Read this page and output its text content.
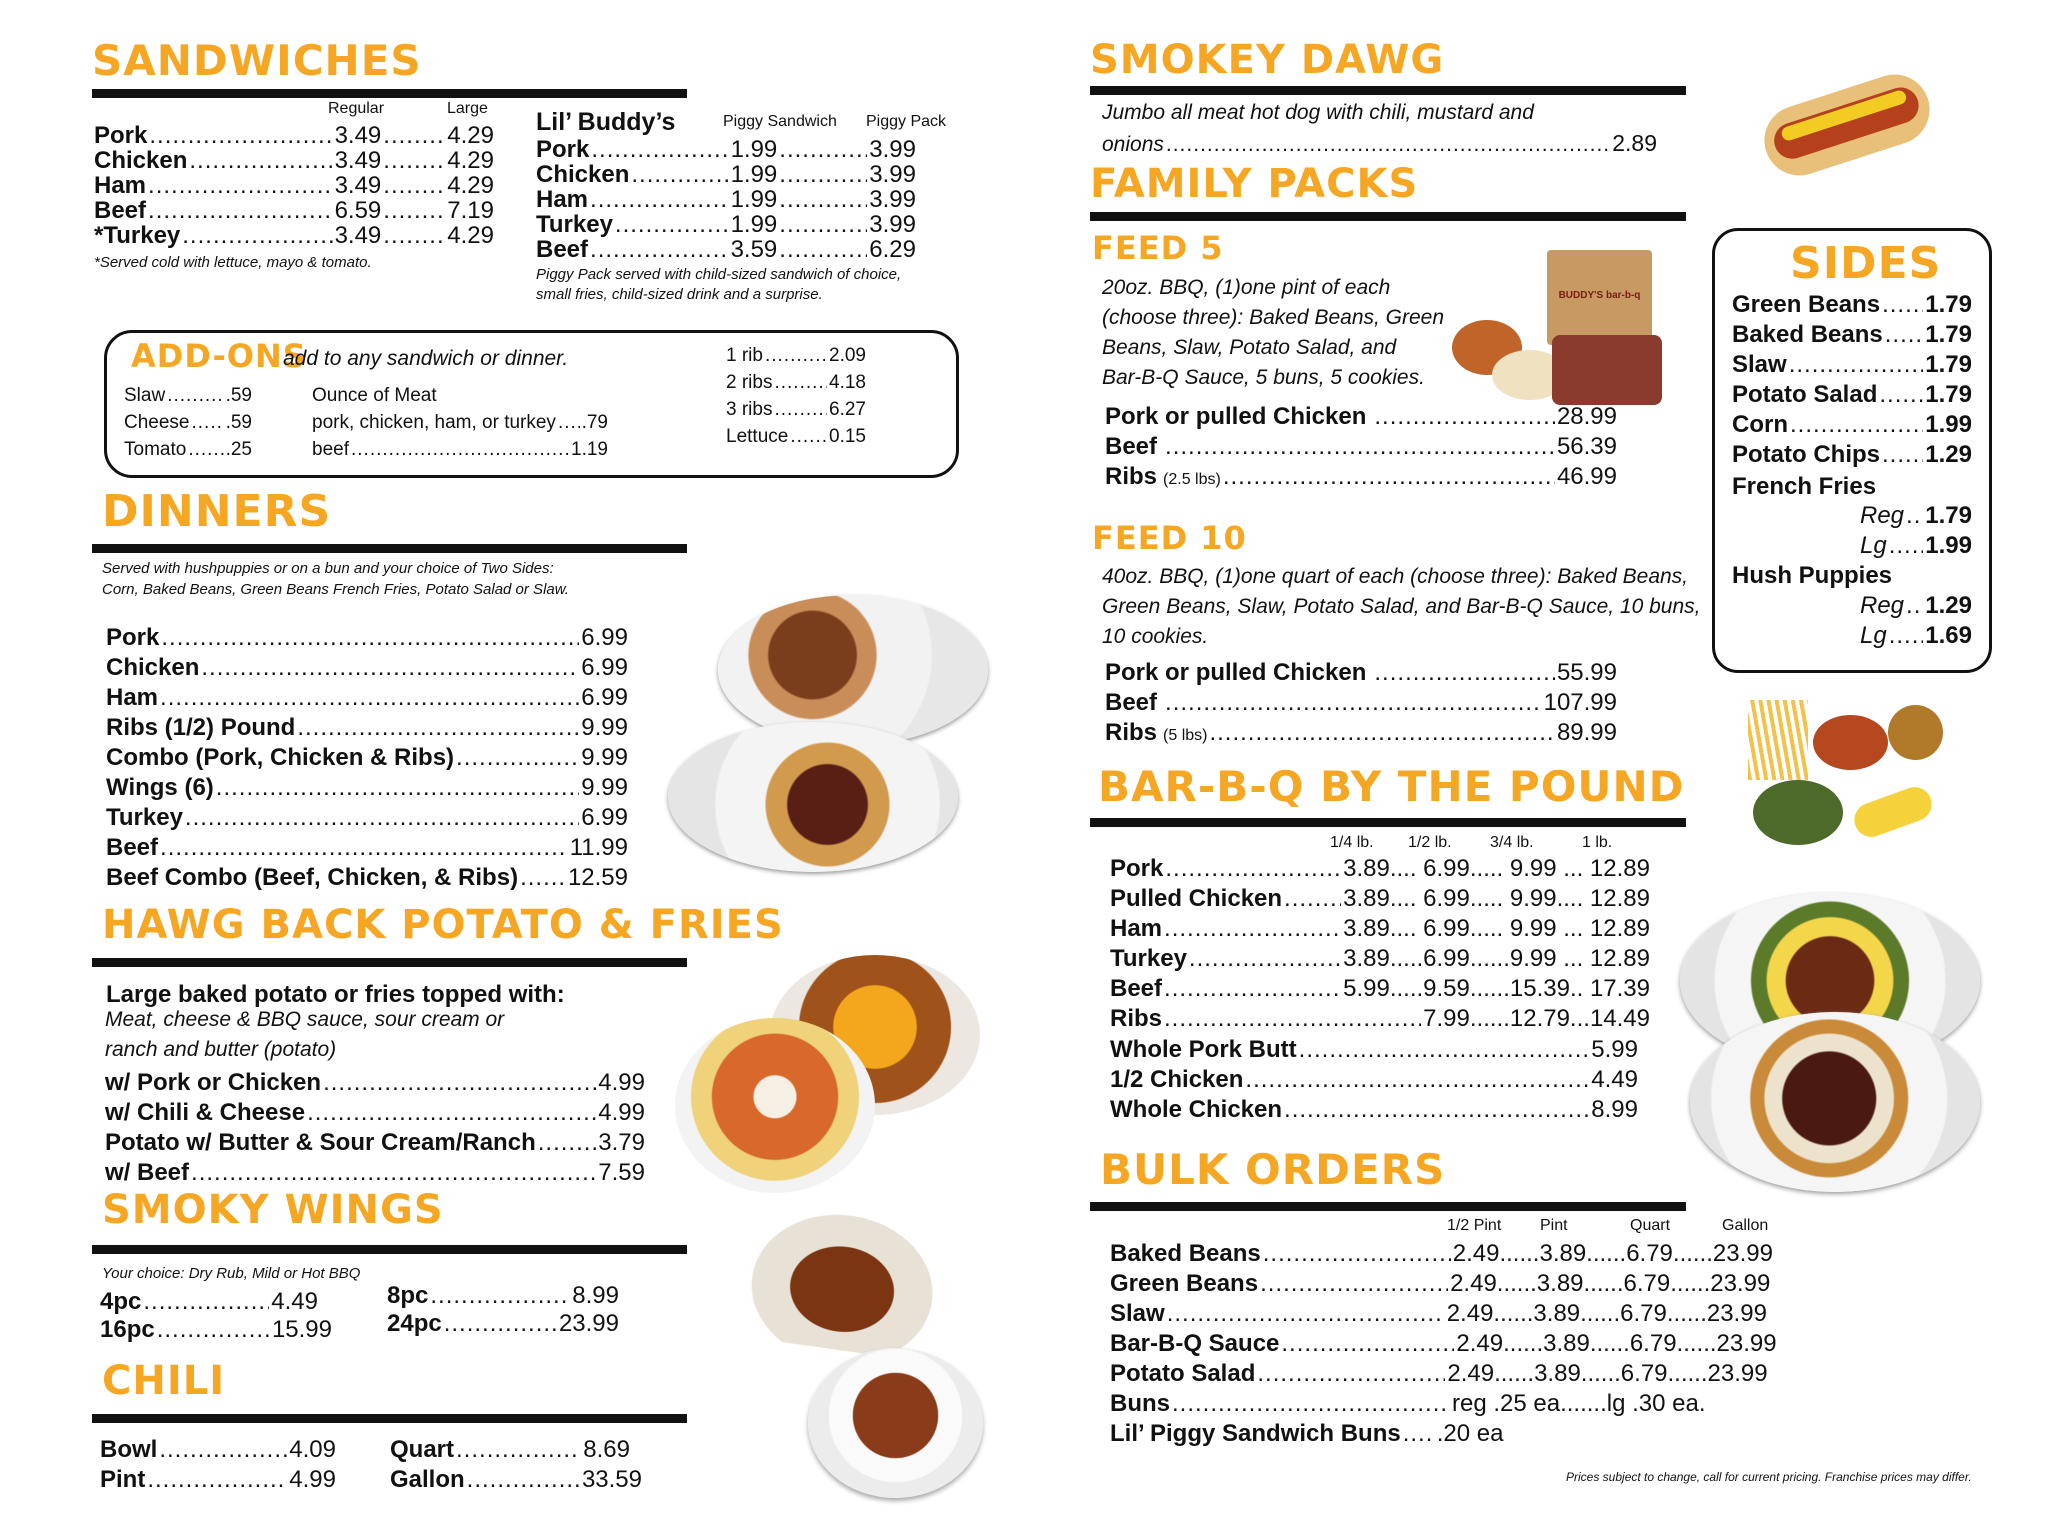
SANDWICHES
Regular	Large
Pork .....	3.49 .....	4.29
Chicken .....	3.49 .....	4.29
Ham .....	3.49 .....	4.29
Beef .....	6.59 .....	7.19
*Turkey .....	3.49 .....	4.29
*Served cold with lettuce, mayo & tomato.
Lil’ Buddy’s	Piggy Sandwich Piggy Pack
Pork .....	1.99 .....	3.99
Chicken .....	1.99 .....	3.99
Ham .....	1.99 .....	3.99
Turkey .....	1.99 .....	3.99
Beef .....	3.59 .....	6.29
Piggy Pack served with child-sized sandwich of choice,
small fries, child-sized drink and a surprise.
ADD-ONS
add to any sandwich or dinner.
Slaw .....	.59
Cheese ..... .59
Tomato ..... .25
Ounce of Meat
pork, chicken, ham, or turkey ..... .79
beef .....	1.19
1 rib .....	2.09
2 ribs .....	4.18
3 ribs .....	6.27
Lettuce ..... 0.15
DINNERS
Served with hushpuppies or on a bun and your choice of Two Sides:
Corn, Baked Beans, Green Beans French Fries, Potato Salad or Slaw.
Pork .....	6.99
Chicken .....	6.99
Ham .....	6.99
Ribs (1/2) Pound .....	9.99
Combo (Pork, Chicken & Ribs) .....	9.99
Wings (6) .....	9.99
Turkey .....	6.99
Beef .....	11.99
Beef Combo (Beef, Chicken, & Ribs) ..... 12.59
HAWG BACK POTATO & FRIES
Large baked potato or fries topped with:
Meat, cheese & BBQ sauce, sour cream or
ranch and butter (potato)
w/ Pork or Chicken .....	4.99
w/ Chili & Cheese .....	4.99
Potato w/ Butter & Sour Cream/Ranch .....	3.79
w/ Beef .....	7.59
SMOKY WINGS
Your choice: Dry Rub, Mild or Hot BBQ
4pc .....	4.49
16pc .....	15.99
8pc .....	8.99
24pc .....	23.99
CHILI
Bowl .....	4.09
Pint .....	4.99
Quart .....	8.69
Gallon .....	33.59
SMOKEY DAWG
Jumbo all meat hot dog with chili, mustard and
onions .....	2.89
FAMILY PACKS
FEED 5
20oz. BBQ, (1)one pint of each
(choose three): Baked Beans, Green
Beans, Slaw, Potato Salad, and
Bar-B-Q Sauce, 5 buns, 5 cookies.
BUDDY'S bar-b-q
Pork or pulled Chicken .....	28.99
Beef .....	56.39
Ribs (2.5 lbs) .....	46.99
FEED 10
40oz. BBQ, (1)one quart of each (choose three): Baked Beans,
Green Beans, Slaw, Potato Salad, and Bar-B-Q Sauce, 10 buns,
10 cookies.
Pork or pulled Chicken .....	55.99
Beef .....	107.99
Ribs (5 lbs) .....	89.99
SIDES
Green Beans ..... 1.79
Baked Beans ..... 1.79
Slaw .....	1.79
Potato Salad ..... 1.79
Corn .....	1.99
Potato Chips ..... 1.29
French Fries
Reg ..... 1.79
Lg ..... 1.99
Hush Puppies
Reg ..... 1.29
Lg ..... 1.69
BAR-B-Q BY THE POUND
1/4 lb. 1/2 lb. 3/4 lb.	1 lb.
Pork .....	3.89.... 6.99..... 9.99 ... 12.89
Pulled Chicken .....	3.89.... 6.99..... 9.99.... 12.89
Ham .....	3.89.... 6.99..... 9.99 ... 12.89
Turkey .....	3.89.....6.99......9.99 ... 12.89
Beef .....	5.99.....9.59......15.39.. 17.39
Ribs .....	7.99......12.79...14.49
Whole Pork Butt .....	5.99
1/2 Chicken .....	4.49
Whole Chicken .....	8.99
BULK ORDERS
1/2 Pint Pint	Quart	Gallon
Baked Beans .....	2.49......3.89......6.79......23.99
Green Beans .....	2.49......3.89......6.79......23.99
Slaw .....	2.49......3.89......6.79......23.99
Bar-B-Q Sauce .....	2.49......3.89......6.79......23.99
Potato Salad .....	2.49......3.89......6.79......23.99
Buns .....	reg .25 ea.......lg .30 ea.
Lil’ Piggy Sandwich Buns ..... .20 ea
Prices subject to change, call for current pricing. Franchise prices may differ.
